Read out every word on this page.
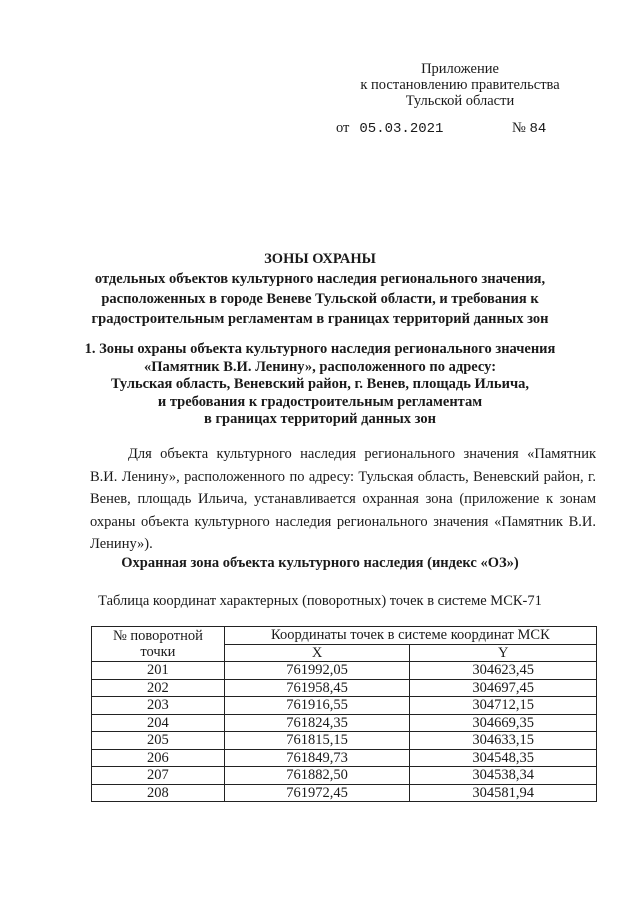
Приложение
к постановлению правительства
Тульской области
от 05.03.2021	№ 84
ЗОНЫ ОХРАНЫ
отдельных объектов культурного наследия регионального значения,
расположенных в городе Веневе Тульской области, и требования к
градостроительным регламентам в границах территорий данных зон
1. Зоны охраны объекта культурного наследия регионального значения
«Памятник В.И. Ленину», расположенного по адресу:
Тульская область, Веневский район, г. Венев, площадь Ильича,
и требования к градостроительным регламентам
в границах территорий данных зон
Для объекта культурного наследия регионального значения «Памятник В.И. Ленину», расположенного по адресу: Тульская область, Веневский район, г. Венев, площадь Ильича, устанавливается охранная зона (приложение к зонам охраны объекта культурного наследия регионального значения «Памятник В.И. Ленину»).
Охранная зона объекта культурного наследия (индекс «ОЗ»)
Таблица координат характерных (поворотных) точек в системе МСК-71
№ поворотной
точки	Координаты точек в системе координат МСК	
	X	Y
201	761992,05	304623,45
202	761958,45	304697,45
203	761916,55	304712,15
204	761824,35	304669,35
205	761815,15	304633,15
206	761849,73	304548,35
207	761882,50	304538,34
208	761972,45	304581,94
